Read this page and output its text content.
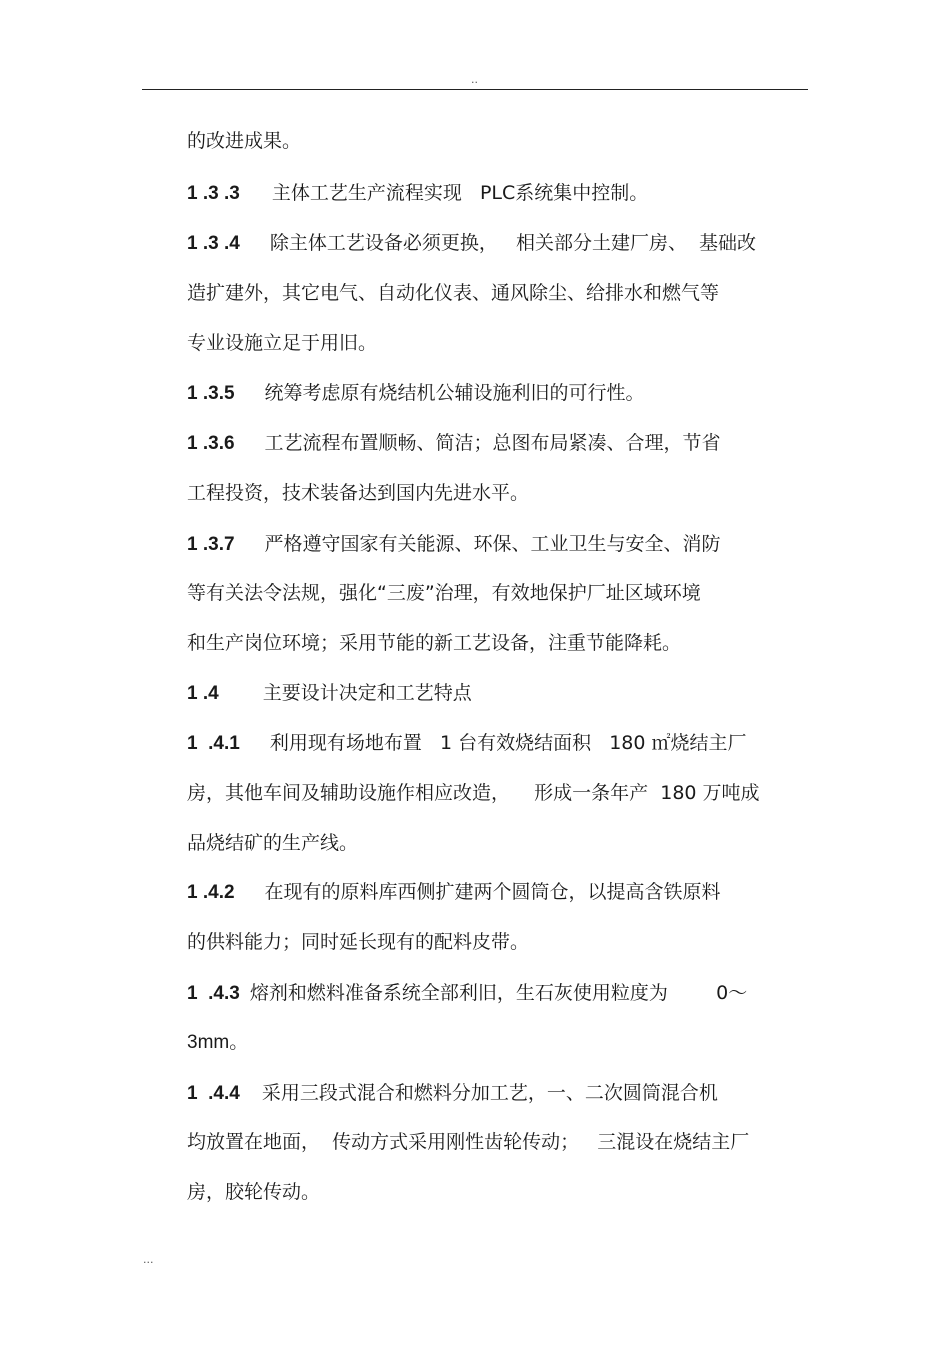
..
的改进成果。
1 .3 .3 主体工艺生产流程实现   PLC系统集中控制。
1 .3 .4 除主体工艺设备必须更换，   相关部分土建厂房、  基础改
造扩建外，其它电气、自动化仪表、通风除尘、给排水和燃气等
专业设施立足于用旧。
1 .3.5 统筹考虑原有烧结机公辅设施利旧的可行性。
1 .3.6 工艺流程布置顺畅、简洁；总图布局紧凑、合理，节省
工程投资，技术装备达到国内先进水平。
1 .3.7 严格遵守国家有关能源、环保、工业卫生与安全、消防
等有关法令法规，强化“三废”治理，有效地保护厂址区域环境
和生产岗位环境；采用节能的新工艺设备，注重节能降耗。
1 .4 主要设计决定和工艺特点
1  .4.1 利用现有场地布置   1 台有效烧结面积   180 ㎡烧结主厂
房，其他车间及辅助设施作相应改造，    形成一条年产  180 万吨成
品烧结矿的生产线。
1 .4.2 在现有的原料库西侧扩建两个圆筒仓，以提高含铁原料
的供料能力；同时延长现有的配料皮带。
1  .4.3 熔剂和燃料准备系统全部利旧，生石灰使用粒度为        0～
3mm。
1  .4.4 采用三段式混合和燃料分加工艺，一、二次圆筒混合机
均放置在地面，  传动方式采用刚性齿轮传动；   三混设在烧结主厂
房，胶轮传动。
...
